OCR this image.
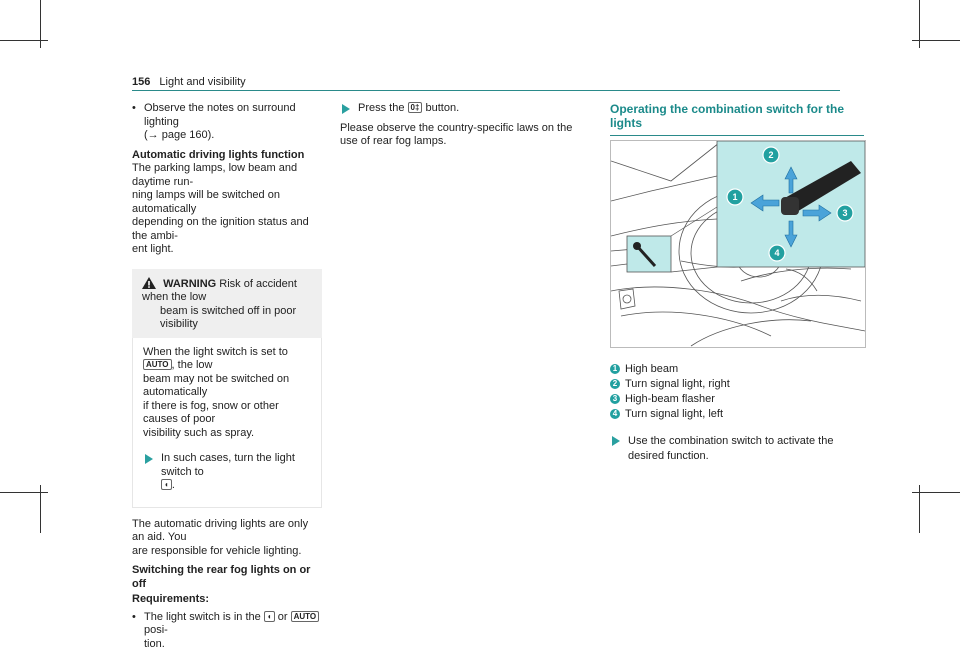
156 Light and visibility
• Observe the notes on surround lighting
(→ page 160).
Automatic driving lights function
The parking lamps, low beam and daytime run-
ning lamps will be switched on automatically
depending on the ignition status and the ambi-
ent light.
WARNING Risk of accident when the low
beam is switched off in poor visibility
When the light switch is set to AUTO , the low
beam may not be switched on automatically
if there is fog, snow or other causes of poor
visibility such as spray.
In such cases, turn the light switch to
◖ .
The automatic driving lights are only an aid. You
are responsible for vehicle lighting.
Switching the rear fog lights on or off
Requirements:
• The light switch is in the ◖ or AUTO posi-
tion.
Press the 0‡ button.
Please observe the country-specific laws on the
use of rear fog lamps.
Operating the combination switch for the
lights
1
2
3
4
1 High beam
2 Turn signal light, right
3 High-beam flasher
4 Turn signal light, left
Use the combination switch to activate the
desired function.
